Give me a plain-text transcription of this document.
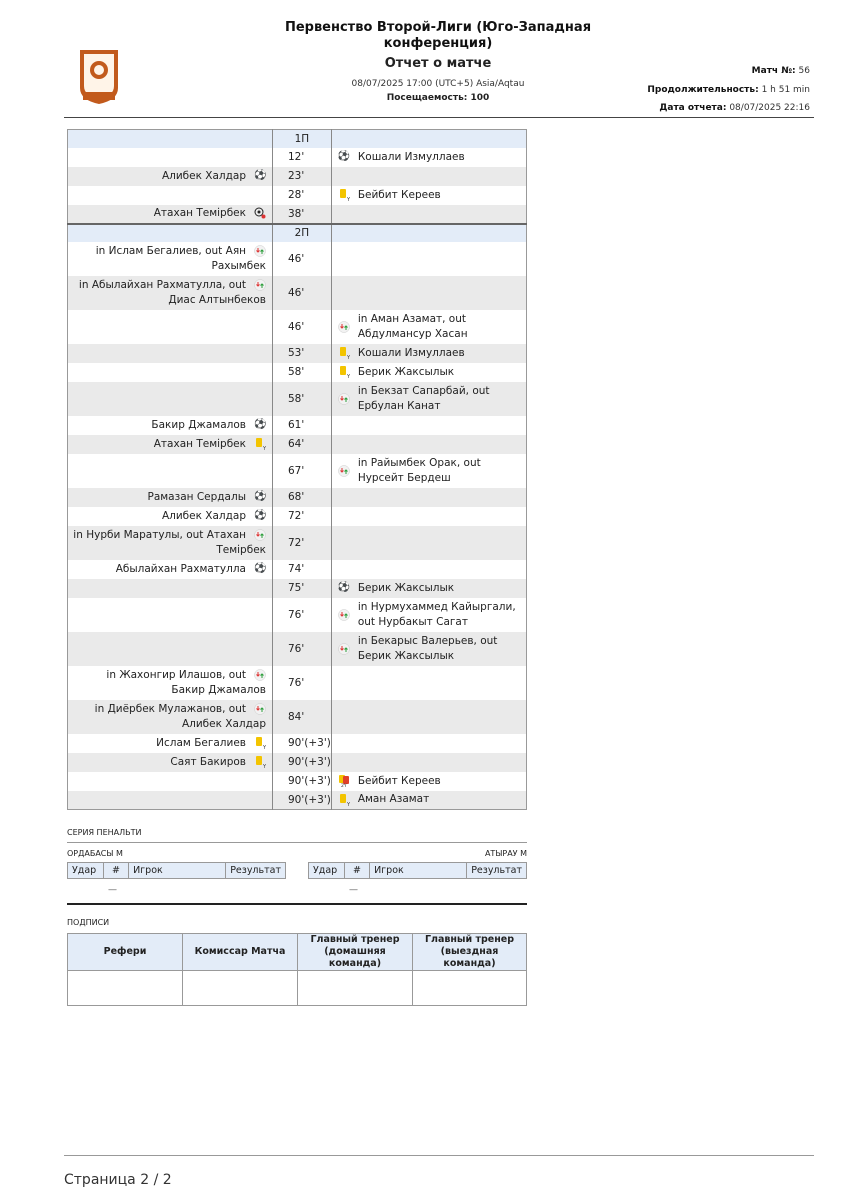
Первенство Второй-Лиги (Юго-Западная конференция)
Отчет о матче
08/07/2025 17:00 (UTC+5) Asia/Aqtau
Посещаемость: 100
Матч №: 56
Продолжительность: 1 h 51 min
Дата отчета: 08/07/2025 22:16
	1П	
	12'	⚽ Кошали Измуллаев

⚽
Алибек Халдар	23'	
	28'	Y Бейбит Кереев

Атахан Темірбек	38'	
	2П	

in Ислам Бегалиев, out Аян Рахымбек	46'	

in Абылайхан Рахматулла, out Диас Алтынбеков	46'	
	46'	in Аман Азамат, out Абдулмансур Хасан
	53'	Y Кошали Измуллаев
	58'	Y Берик Жаксылык
	58'	in Бекзат Сапарбай, out Ербулан Канат

⚽
Бакир Джамалов	61'	

Y
Атахан Темірбек	64'	
	67'	in Райымбек Орак, out Нурсейт Бердеш

⚽
Рамазан Сердалы	68'	

⚽
Алибек Халдар	72'	

in Нурби Маратулы, out Атахан Темірбек	72'	

⚽
Абылайхан Рахматулла	74'	
	75'	⚽ Берик Жаксылык
	76'	in Нурмухаммед Кайыргали, out Нурбакыт Сагат
	76'	in Бекарыс Валерьев, out Берик Жаксылык

in Жахонгир Илашов, out Бакир Джамалов	76'	

in Диёрбек Мулажанов, out Алибек Халдар	84'	

Y
Ислам Бегалиев	90'(+3')	

Y
Саят Бакиров	90'(+3')	
	90'(+3')	2Y Бейбит Кереев
	90'(+3')	Y Аман Азамат
СЕРИЯ ПЕНАЛЬТИ
ОРДАБАСЫ М	АТЫРАУ М
Удар	#	Игрок	Результат	Удар	#	Игрок	Результат
—	—
ПОДПИСИ
Рефери	Комиссар Матча	Главный тренер (домашняя команда)	Главный тренер (выездная команда)

Страница 2 / 2
